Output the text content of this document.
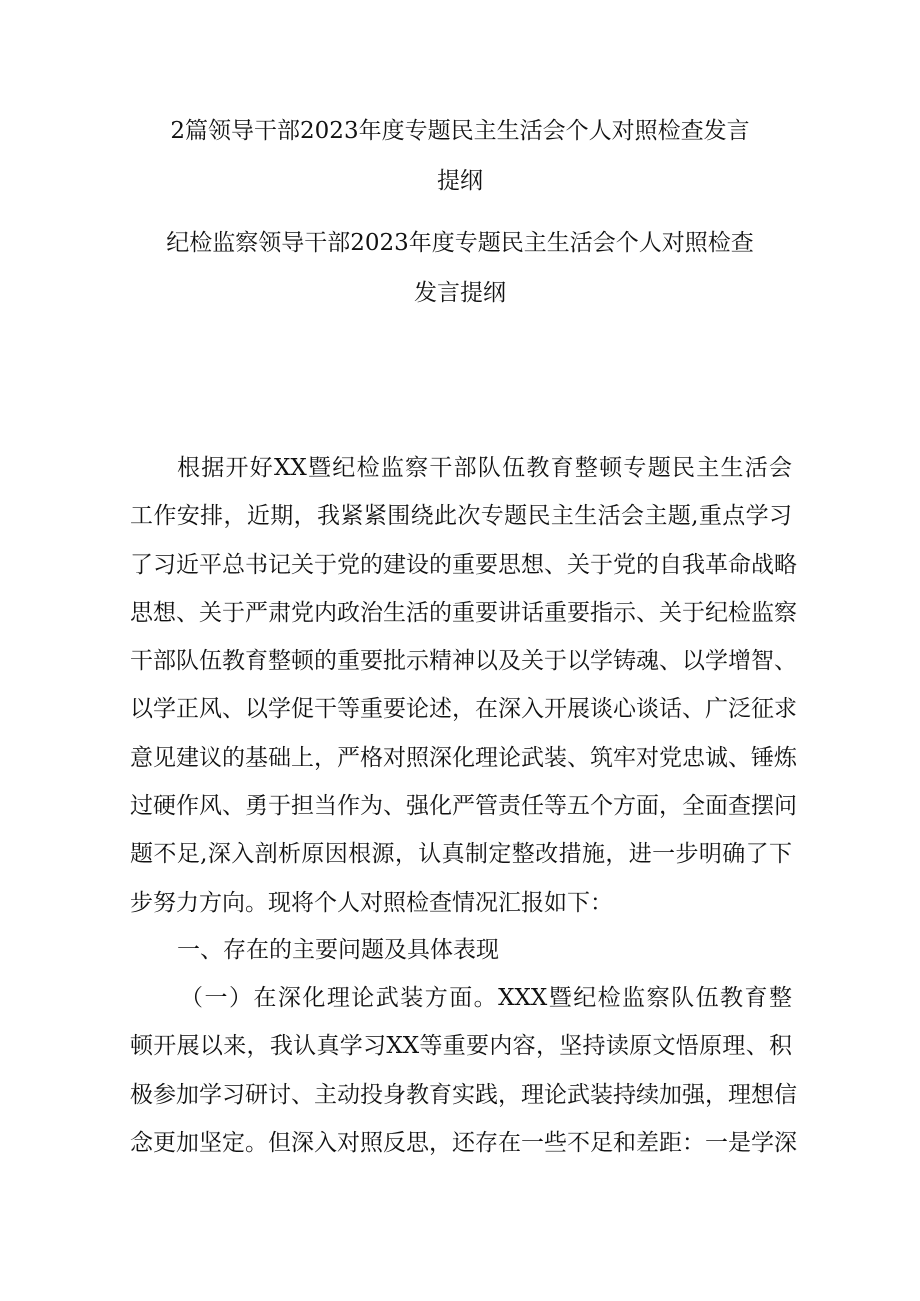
2篇领导干部2023年度专题民主生活会个人对照检查发言
提纲
纪检监察领导干部2023年度专题民主生活会个人对照检查
发言提纲
根据开好XX暨纪检监察干部队伍教育整顿专题民主生活会
工作安排，近期，我紧紧围绕此次专题民主生活会主题,重点学习
了习近平总书记关于党的建设的重要思想、关于党的自我革命战略
思想、关于严肃党内政治生活的重要讲话重要指示、关于纪检监察
干部队伍教育整顿的重要批示精神以及关于以学铸魂、以学增智、
以学正风、以学促干等重要论述，在深入开展谈心谈话、广泛征求
意见建议的基础上，严格对照深化理论武装、筑牢对党忠诚、锤炼
过硬作风、勇于担当作为、强化严管责任等五个方面，全面查摆问
题不足,深入剖析原因根源，认真制定整改措施，进一步明确了下
步努力方向。现将个人对照检查情况汇报如下：
一、存在的主要问题及具体表现
（一）在深化理论武装方面。XXX暨纪检监察队伍教育整
顿开展以来，我认真学习XX等重要内容，坚持读原文悟原理、积
极参加学习研讨、主动投身教育实践，理论武装持续加强，理想信
念更加坚定。但深入对照反思，还存在一些不足和差距：一是学深
